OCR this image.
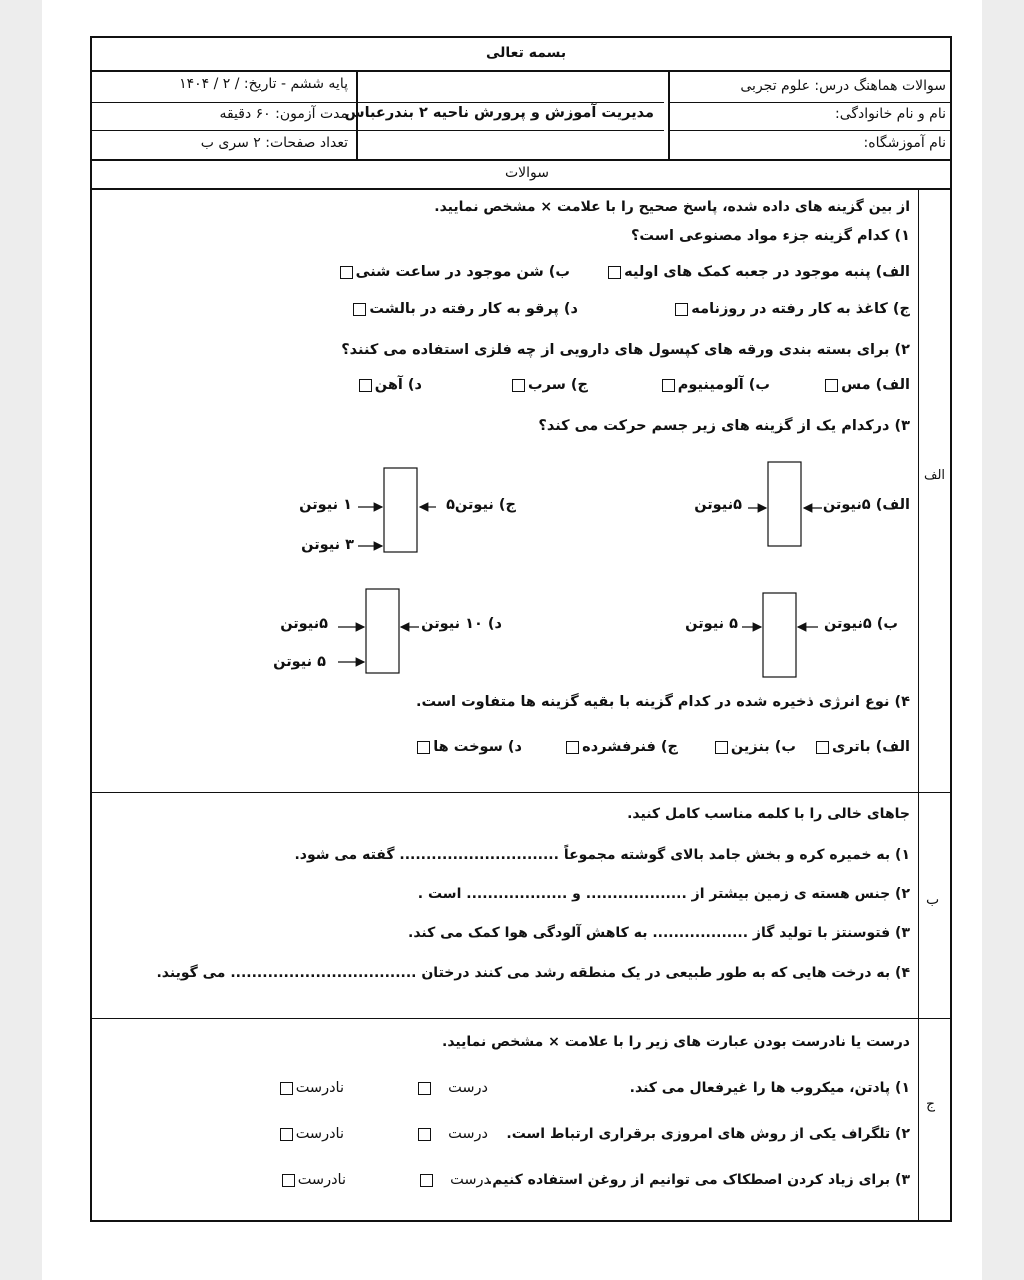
بسمه تعالی
سوالات هماهنگ درس: علوم تجربی
نام و نام خانوادگی:
نام آموزشگاه:
مدیریت آموزش و پرورش ناحیه ۲ بندرعباس
پایه ششم - تاریخ: / ۲ / ۱۴۰۴
مدت آزمون: ۶۰ دقیقه
تعداد صفحات: ۲ سری ب
سوالات
الف
از بین گزینه های داده شده، پاسخ صحیح را با علامت × مشخص نمایید.
۱) کدام گزینه جزء مواد مصنوعی است؟
الف) پنبه موجود در جعبه کمک های اولیه
ب) شن موجود در ساعت شنی
ج) کاغذ به کار رفته در روزنامه
د) پرقو به کار رفته در بالشت
۲) برای بسته بندی ورقه های کپسول های دارویی از چه فلزی استفاده می کنند؟
الف) مس
ب) آلومینیوم
ج) سرب
د) آهن
۳) درکدام یک از گزینه های زیر جسم حرکت می کند؟
الف) ۵نیوتن
۵نیوتن
ج) نیوتن۵
۱ نیوتن
۳ نیوتن
ب) ۵نیوتن
۵ نیوتن
د) ۱۰ نیوتن
۵نیوتن
۵ نیوتن
۴) نوع انرژی ذخیره شده در کدام گزینه با بقیه گزینه ها متفاوت است.
الف) باتری
ب) بنزین
ج) فنرفشرده
د) سوخت ها
ب
جاهای خالی را با کلمه مناسب کامل کنید.
۱) به خمیره کره و بخش جامد بالای گوشته مجموعاً .............................. گفته می شود.
۲) جنس هسته ی زمین بیشتر از ................... و ................... است .
۳) فتوسنتز با تولید گاز .................. به کاهش آلودگی هوا کمک می کند.
۴) به درخت هایی که به طور طبیعی در یک منطقه رشد می کنند درختان ................................... می گویند.
ج
درست یا نادرست بودن عبارت های زیر را با علامت × مشخص نمایید.
۱) پادتن، میکروب ها را غیرفعال می کند.
درست
نادرست
۲) تلگراف یکی از روش های امروزی برقراری ارتباط است.
درست
نادرست
۳) برای زیاد کردن اصطکاک می توانیم از روغن استفاده کنیم.
درست
نادرست
